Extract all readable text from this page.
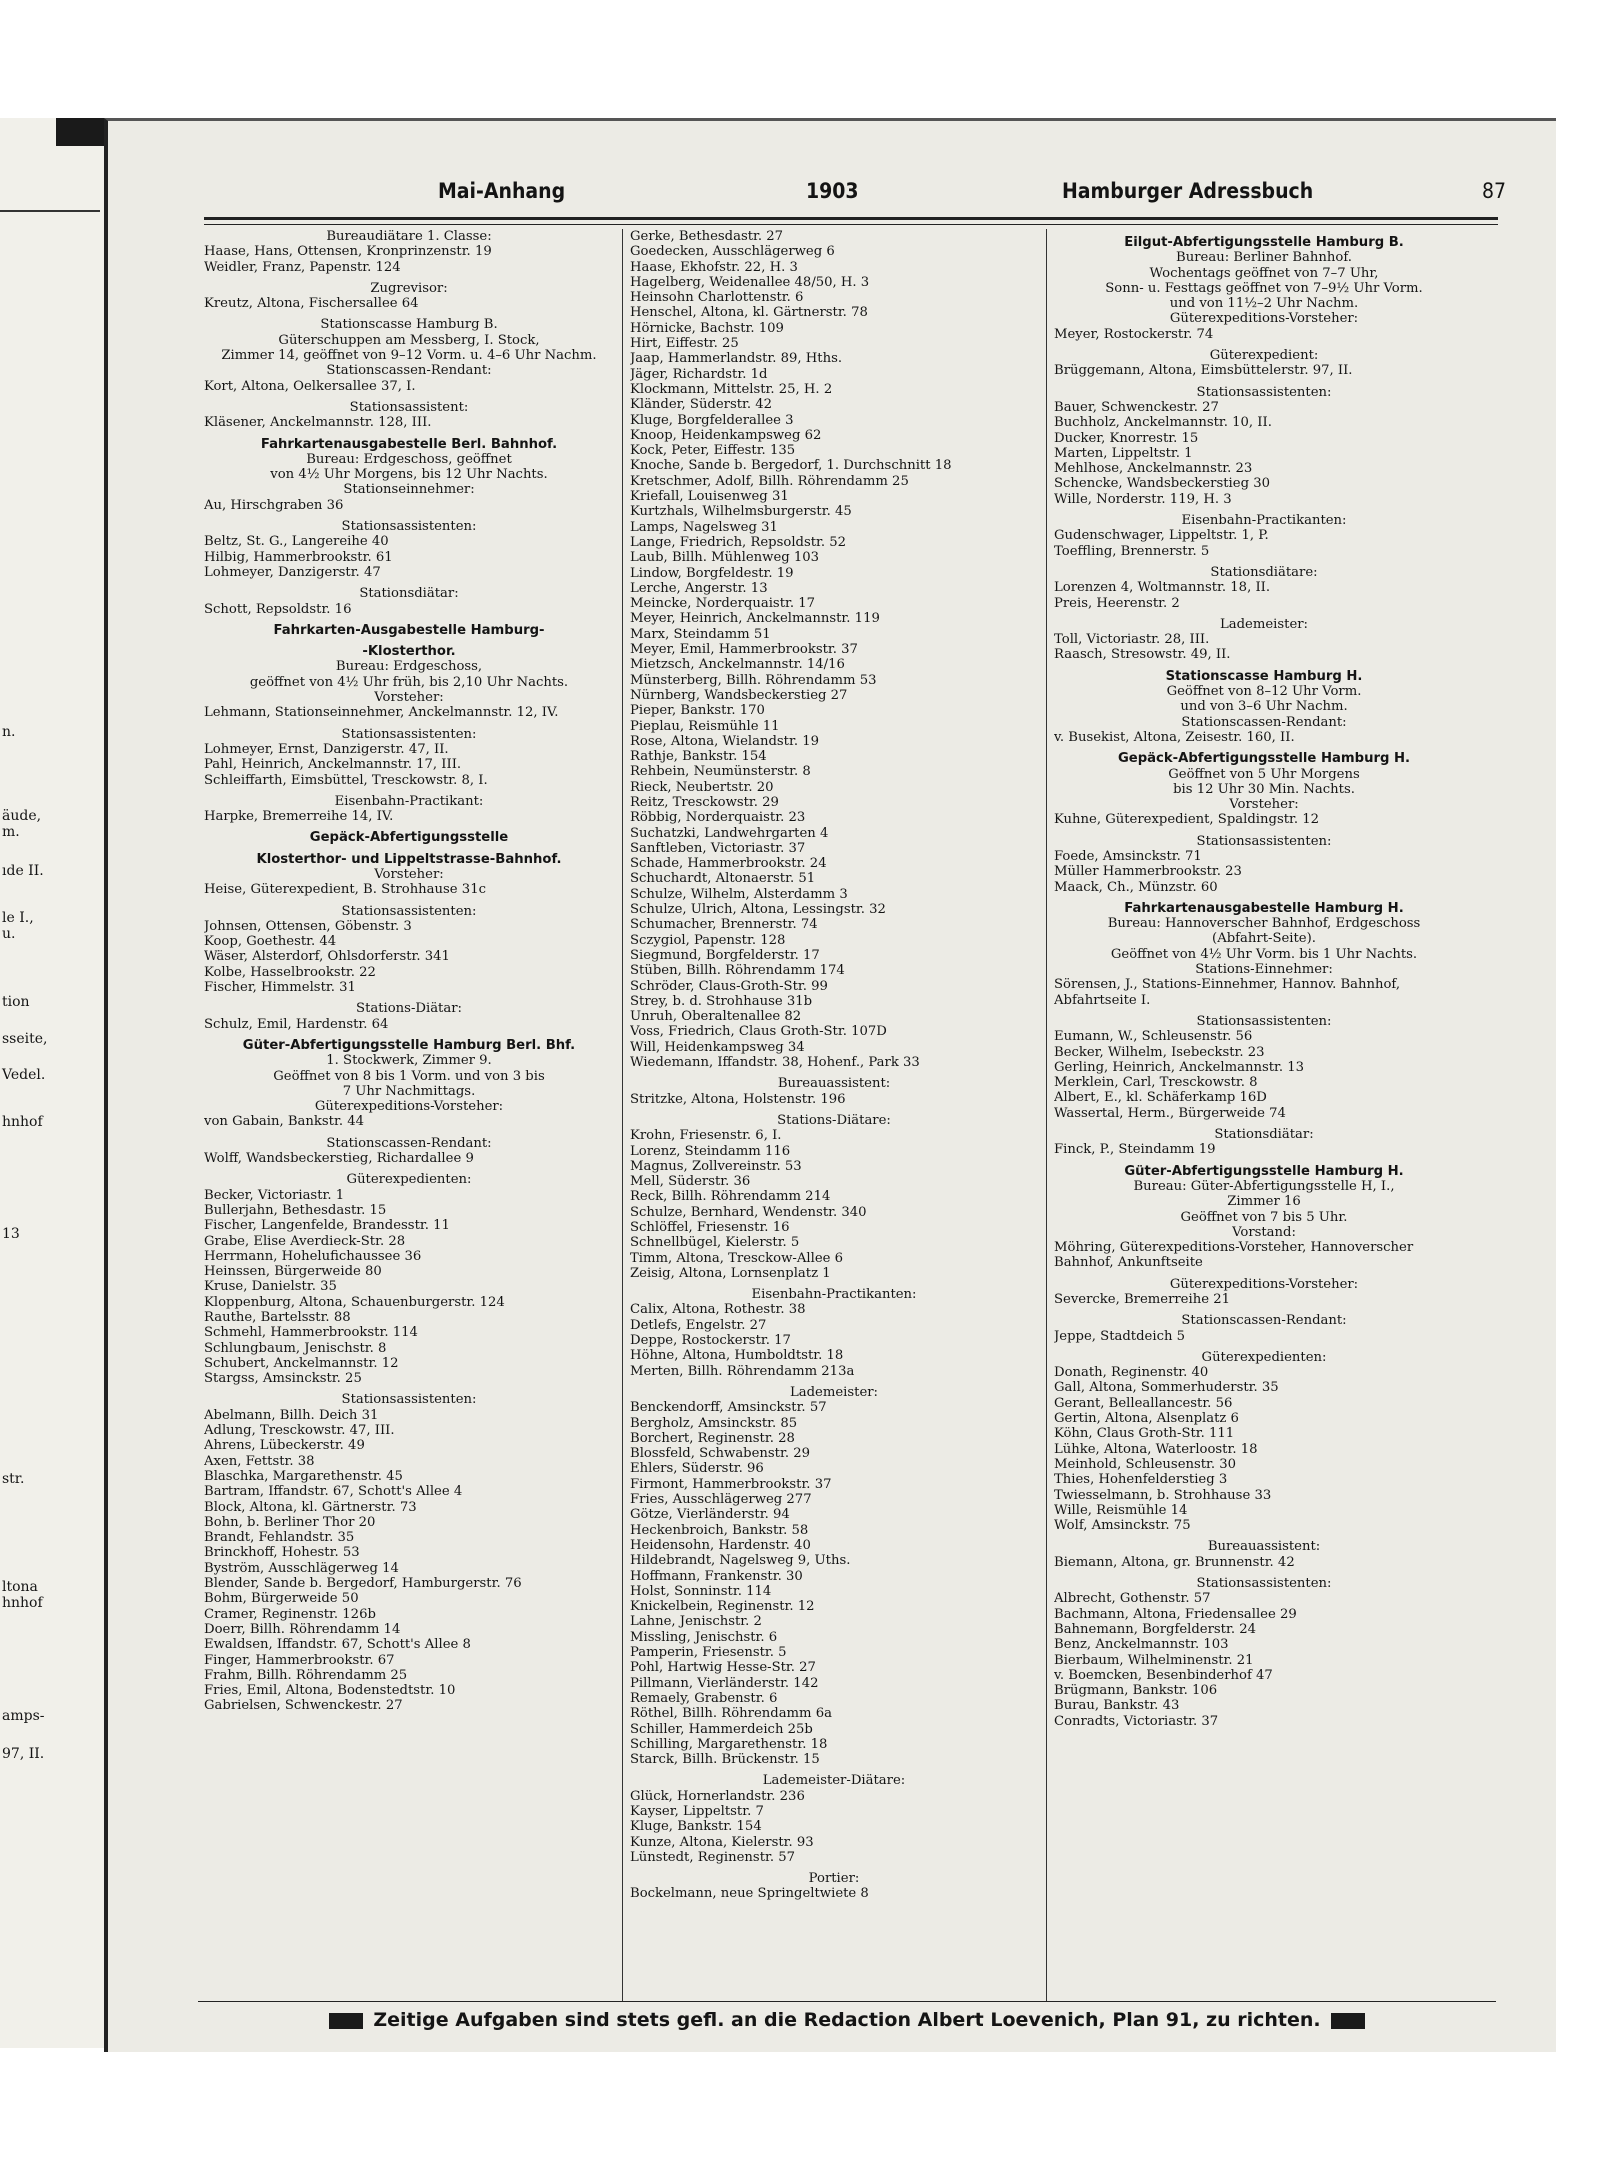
n.
äude,
m.
ıde II.
le I.,
u.
tion
sseite,
Vedel.
hnhof
13
str.
ltona
hnhof
amps-
97, II.
Mai-Anhang	1903	Hamburger Adressbuch	87
Bureaudiätare 1. Classe:
Haase, Hans, Ottensen, Kronprinzenstr. 19
Weidler, Franz, Papenstr. 124
Zugrevisor:
Kreutz, Altona, Fischersallee 64
Stationscasse Hamburg B.
Güterschuppen am Messberg, I. Stock,
Zimmer 14, geöffnet von 9–12 Vorm. u. 4–6 Uhr Nachm.
Stationscassen-Rendant:
Kort, Altona, Oelkersallee 37, I.
Stationsassistent:
Kläsener, Anckelmannstr. 128, III.
Fahrkartenausgabestelle Berl. Bahnhof.
Bureau: Erdgeschoss, geöffnet
von 4½ Uhr Morgens, bis 12 Uhr Nachts.
Stationseinnehmer:
Au, Hirschgraben 36
Stationsassistenten:
Beltz, St. G., Langereihe 40
Hilbig, Hammerbrookstr. 61
Lohmeyer, Danzigerstr. 47
Stationsdiätar:
Schott, Repsoldstr. 16
Fahrkarten-Ausgabestelle Hamburg-
-Klosterthor.
Bureau: Erdgeschoss,
geöffnet von 4½ Uhr früh, bis 2,10 Uhr Nachts.
Vorsteher:
Lehmann, Stationseinnehmer, Anckelmannstr. 12, IV.
Stationsassistenten:
Lohmeyer, Ernst, Danzigerstr. 47, II.
Pahl, Heinrich, Anckelmannstr. 17, III.
Schleiffarth, Eimsbüttel, Tresckowstr. 8, I.
Eisenbahn-Practikant:
Harpke, Bremerreihe 14, IV.
Gepäck-Abfertigungsstelle
Klosterthor- und Lippeltstrasse-Bahnhof.
Vorsteher:
Heise, Güterexpedient, B. Strohhause 31c
Stationsassistenten:
Johnsen, Ottensen, Göbenstr. 3
Koop, Goethestr. 44
Wäser, Alsterdorf, Ohlsdorferstr. 341
Kolbe, Hasselbrookstr. 22
Fischer, Himmelstr. 31
Stations-Diätar:
Schulz, Emil, Hardenstr. 64
Güter-Abfertigungsstelle Hamburg Berl. Bhf.
1. Stockwerk, Zimmer 9.
Geöffnet von 8 bis 1 Vorm. und von 3 bis
7 Uhr Nachmittags.
Güterexpeditions-Vorsteher:
von Gabain, Bankstr. 44
Stationscassen-Rendant:
Wolff, Wandsbeckerstieg, Richardallee 9
Güterexpedienten:
Becker, Victoriastr. 1
Bullerjahn, Bethesdastr. 15
Fischer, Langenfelde, Brandesstr. 11
Grabe, Elise Averdieck-Str. 28
Herrmann, Hohelufichaussee 36
Heinssen, Bürgerweide 80
Kruse, Danielstr. 35
Kloppenburg, Altona, Schauenburgerstr. 124
Rauthe, Bartelsstr. 88
Schmehl, Hammerbrookstr. 114
Schlungbaum, Jenischstr. 8
Schubert, Anckelmannstr. 12
Stargss, Amsinckstr. 25
Stationsassistenten:
Abelmann, Billh. Deich 31
Adlung, Tresckowstr. 47, III.
Ahrens, Lübeckerstr. 49
Axen, Fettstr. 38
Blaschka, Margarethenstr. 45
Bartram, Iffandstr. 67, Schott's Allee 4
Block, Altona, kl. Gärtnerstr. 73
Bohn, b. Berliner Thor 20
Brandt, Fehlandstr. 35
Brinckhoff, Hohestr. 53
Byström, Ausschlägerweg 14
Blender, Sande b. Bergedorf, Hamburgerstr. 76
Bohm, Bürgerweide 50
Cramer, Reginenstr. 126b
Doerr, Billh. Röhrendamm 14
Ewaldsen, Iffandstr. 67, Schott's Allee 8
Finger, Hammerbrookstr. 67
Frahm, Billh. Röhrendamm 25
Fries, Emil, Altona, Bodenstedtstr. 10
Gabrielsen, Schwenckestr. 27
Gerke, Bethesdastr. 27
Goedecken, Ausschlägerweg 6
Haase, Ekhofstr. 22, H. 3
Hagelberg, Weidenallee 48/50, H. 3
Heinsohn Charlottenstr. 6
Henschel, Altona, kl. Gärtnerstr. 78
Hörnicke, Bachstr. 109
Hirt, Eiffestr. 25
Jaap, Hammerlandstr. 89, Hths.
Jäger, Richardstr. 1d
Klockmann, Mittelstr. 25, H. 2
Kländer, Süderstr. 42
Kluge, Borgfelderallee 3
Knoop, Heidenkampsweg 62
Kock, Peter, Eiffestr. 135
Knoche, Sande b. Bergedorf, 1. Durchschnitt 18
Kretschmer, Adolf, Billh. Röhrendamm 25
Kriefall, Louisenweg 31
Kurtzhals, Wilhelmsburgerstr. 45
Lamps, Nagelsweg 31
Lange, Friedrich, Repsoldstr. 52
Laub, Billh. Mühlenweg 103
Lindow, Borgfeldestr. 19
Lerche, Angerstr. 13
Meincke, Norderquaistr. 17
Meyer, Heinrich, Anckelmannstr. 119
Marx, Steindamm 51
Meyer, Emil, Hammerbrookstr. 37
Mietzsch, Anckelmannstr. 14/16
Münsterberg, Billh. Röhrendamm 53
Nürnberg, Wandsbeckerstieg 27
Pieper, Bankstr. 170
Pieplau, Reismühle 11
Rose, Altona, Wielandstr. 19
Rathje, Bankstr. 154
Rehbein, Neumünsterstr. 8
Rieck, Neubertstr. 20
Reitz, Tresckowstr. 29
Röbbig, Norderquaistr. 23
Suchatzki, Landwehrgarten 4
Sanftleben, Victoriastr. 37
Schade, Hammerbrookstr. 24
Schuchardt, Altonaerstr. 51
Schulze, Wilhelm, Alsterdamm 3
Schulze, Ulrich, Altona, Lessingstr. 32
Schumacher, Brennerstr. 74
Sczygiol, Papenstr. 128
Siegmund, Borgfelderstr. 17
Stüben, Billh. Röhrendamm 174
Schröder, Claus-Groth-Str. 99
Strey, b. d. Strohhause 31b
Unruh, Oberaltenallee 82
Voss, Friedrich, Claus Groth-Str. 107D
Will, Heidenkampsweg 34
Wiedemann, Iffandstr. 38, Hohenf., Park 33
Bureauassistent:
Stritzke, Altona, Holstenstr. 196
Stations-Diätare:
Krohn, Friesenstr. 6, I.
Lorenz, Steindamm 116
Magnus, Zollvereinstr. 53
Mell, Süderstr. 36
Reck, Billh. Röhrendamm 214
Schulze, Bernhard, Wendenstr. 340
Schlöffel, Friesenstr. 16
Schnellbügel, Kielerstr. 5
Timm, Altona, Tresckow-Allee 6
Zeisig, Altona, Lornsenplatz 1
Eisenbahn-Practikanten:
Calix, Altona, Rothestr. 38
Detlefs, Engelstr. 27
Deppe, Rostockerstr. 17
Höhne, Altona, Humboldtstr. 18
Merten, Billh. Röhrendamm 213a
Lademeister:
Benckendorff, Amsinckstr. 57
Bergholz, Amsinckstr. 85
Borchert, Reginenstr. 28
Blossfeld, Schwabenstr. 29
Ehlers, Süderstr. 96
Firmont, Hammerbrookstr. 37
Fries, Ausschlägerweg 277
Götze, Vierländerstr. 94
Heckenbroich, Bankstr. 58
Heidensohn, Hardenstr. 40
Hildebrandt, Nagelsweg 9, Uths.
Hoffmann, Frankenstr. 30
Holst, Sonninstr. 114
Knickelbein, Reginenstr. 12
Lahne, Jenischstr. 2
Missling, Jenischstr. 6
Pamperin, Friesenstr. 5
Pohl, Hartwig Hesse-Str. 27
Pillmann, Vierländerstr. 142
Remaely, Grabenstr. 6
Röthel, Billh. Röhrendamm 6a
Schiller, Hammerdeich 25b
Schilling, Margarethenstr. 18
Starck, Billh. Brückenstr. 15
Lademeister-Diätare:
Glück, Hornerlandstr. 236
Kayser, Lippeltstr. 7
Kluge, Bankstr. 154
Kunze, Altona, Kielerstr. 93
Lünstedt, Reginenstr. 57
Portier:
Bockelmann, neue Springeltwiete 8
Eilgut-Abfertigungsstelle Hamburg B.
Bureau: Berliner Bahnhof.
Wochentags geöffnet von 7–7 Uhr,
Sonn- u. Festtags geöffnet von 7–9½ Uhr Vorm.
und von 11½–2 Uhr Nachm.
Güterexpeditions-Vorsteher:
Meyer, Rostockerstr. 74
Güterexpedient:
Brüggemann, Altona, Eimsbüttelerstr. 97, II.
Stationsassistenten:
Bauer, Schwenckestr. 27
Buchholz, Anckelmannstr. 10, II.
Ducker, Knorrestr. 15
Marten, Lippeltstr. 1
Mehlhose, Anckelmannstr. 23
Schencke, Wandsbeckerstieg 30
Wille, Norderstr. 119, H. 3
Eisenbahn-Practikanten:
Gudenschwager, Lippeltstr. 1, P.
Toeffling, Brennerstr. 5
Stationsdiätare:
Lorenzen 4, Woltmannstr. 18, II.
Preis, Heerenstr. 2
Lademeister:
Toll, Victoriastr. 28, III.
Raasch, Stresowstr. 49, II.
Stationscasse Hamburg H.
Geöffnet von 8–12 Uhr Vorm.
und von 3–6 Uhr Nachm.
Stationscassen-Rendant:
v. Busekist, Altona, Zeisestr. 160, II.
Gepäck-Abfertigungsstelle Hamburg H.
Geöffnet von 5 Uhr Morgens
bis 12 Uhr 30 Min. Nachts.
Vorsteher:
Kuhne, Güterexpedient, Spaldingstr. 12
Stationsassistenten:
Foede, Amsinckstr. 71
Müller Hammerbrookstr. 23
Maack, Ch., Münzstr. 60
Fahrkartenausgabestelle Hamburg H.
Bureau: Hannoverscher Bahnhof, Erdgeschoss
(Abfahrt-Seite).
Geöffnet von 4½ Uhr Vorm. bis 1 Uhr Nachts.
Stations-Einnehmer:
Sörensen, J., Stations-Einnehmer, Hannov. Bahnhof,
Abfahrtseite I.
Stationsassistenten:
Eumann, W., Schleusenstr. 56
Becker, Wilhelm, Isebeckstr. 23
Gerling, Heinrich, Anckelmannstr. 13
Merklein, Carl, Tresckowstr. 8
Albert, E., kl. Schäferkamp 16D
Wassertal, Herm., Bürgerweide 74
Stationsdiätar:
Finck, P., Steindamm 19
Güter-Abfertigungsstelle Hamburg H.
Bureau: Güter-Abfertigungsstelle H, I.,
Zimmer 16
Geöffnet von 7 bis 5 Uhr.
Vorstand:
Möhring, Güterexpeditions-Vorsteher, Hannoverscher
Bahnhof, Ankunftseite
Güterexpeditions-Vorsteher:
Severcke, Bremerreihe 21
Stationscassen-Rendant:
Jeppe, Stadtdeich 5
Güterexpedienten:
Donath, Reginenstr. 40
Gall, Altona, Sommerhuderstr. 35
Gerant, Belleallancestr. 56
Gertin, Altona, Alsenplatz 6
Köhn, Claus Groth-Str. 111
Lühke, Altona, Waterloostr. 18
Meinhold, Schleusenstr. 30
Thies, Hohenfelderstieg 3
Twiesselmann, b. Strohhause 33
Wille, Reismühle 14
Wolf, Amsinckstr. 75
Bureauassistent:
Biemann, Altona, gr. Brunnenstr. 42
Stationsassistenten:
Albrecht, Gothenstr. 57
Bachmann, Altona, Friedensallee 29
Bahnemann, Borgfelderstr. 24
Benz, Anckelmannstr. 103
Bierbaum, Wilhelminenstr. 21
v. Boemcken, Besenbinderhof 47
Brügmann, Bankstr. 106
Burau, Bankstr. 43
Conradts, Victoriastr. 37
Zeitige Aufgaben sind stets gefl. an die Redaction Albert Loevenich, Plan 91, zu richten.
